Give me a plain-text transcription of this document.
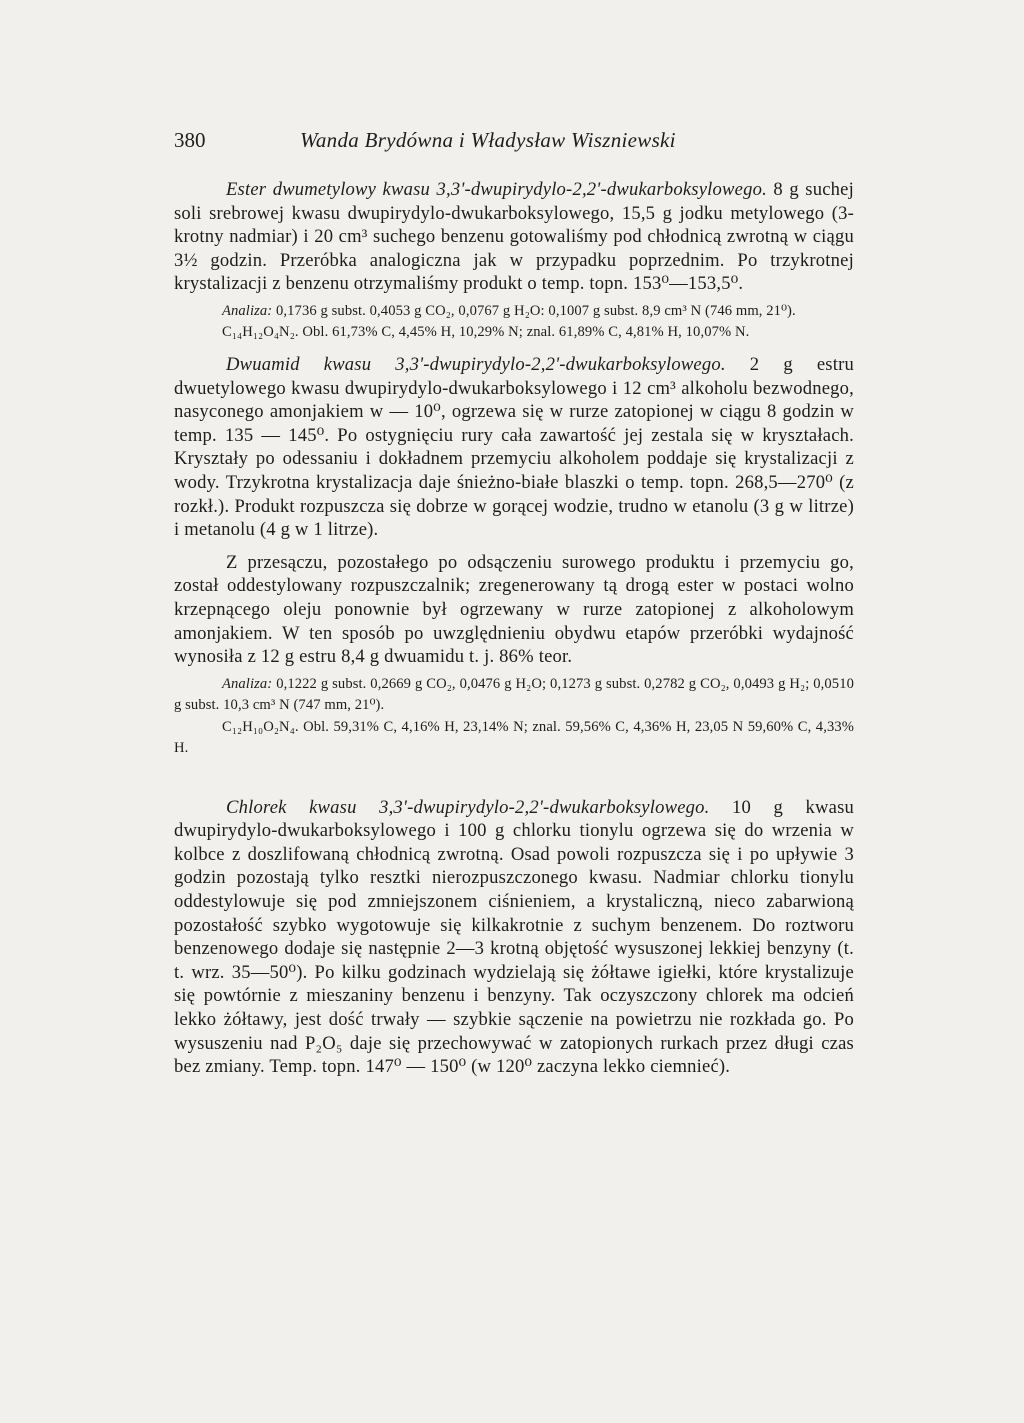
380	Wanda Brydówna i Władysław Wiszniewski

Ester dwumetylowy kwasu 3,3'-dwupirydylo-2,2'-dwukarboksylowego. 8 g suchej soli srebrowej kwasu dwupirydylo-dwukarboksylowego, 15,5 g jodku metylowego (3-krotny nadmiar) i 20 cm³ suchego benzenu gotowaliśmy pod chłodnicą zwrotną w ciągu 3½ godzin. Przeróbka analogiczna jak w przypadku poprzednim. Po trzykrotnej krystalizacji z benzenu otrzymaliśmy produkt o temp. topn. 153⁰—153,5⁰.

Analiza: 0,1736 g subst. 0,4053 g CO₂, 0,0767 g H₂O: 0,1007 g subst. 8,9 cm³ N (746 mm, 21⁰).

C₁₄H₁₂O₄N₂. Obl. 61,73% C, 4,45% H, 10,29% N; znal. 61,89% C, 4,81% H, 10,07% N.

Dwuamid kwasu 3,3'-dwupirydylo-2,2'-dwukarboksylowego. 2 g estru dwuetylowego kwasu dwupirydylo-dwukarboksylowego i 12 cm³ alkoholu bezwodnego, nasyconego amonjakiem w — 10⁰, ogrzewa się w rurze zatopionej w ciągu 8 godzin w temp. 135 — 145⁰. Po ostygnięciu rury cała zawartość jej zestala się w kryształach. Kryształy po odessaniu i dokładnem przemyciu alkoholem poddaje się krystalizacji z wody. Trzykrotna krystalizacja daje śnieżno-białe blaszki o temp. topn. 268,5—270⁰ (z rozkł.). Produkt rozpuszcza się dobrze w gorącej wodzie, trudno w etanolu (3 g w litrze) i metanolu (4 g w 1 litrze).

Z przesączu, pozostałego po odsączeniu surowego produktu i przemyciu go, został oddestylowany rozpuszczalnik; zregenerowany tą drogą ester w postaci wolno krzepnącego oleju ponownie był ogrzewany w rurze zatopionej z alkoholowym amonjakiem. W ten sposób po uwzględnieniu obydwu etapów przeróbki wydajność wynosiła z 12 g estru 8,4 g dwuamidu t. j. 86% teor.

Analiza: 0,1222 g subst. 0,2669 g CO₂, 0,0476 g H₂O; 0,1273 g subst. 0,2782 g CO₂, 0,0493 g H₂; 0,0510 g subst. 10,3 cm³ N (747 mm, 21⁰).

C₁₂H₁₀O₂N₄. Obl. 59,31% C, 4,16% H, 23,14% N; znal. 59,56% C, 4,36% H, 23,05 N 59,60% C, 4,33% H.

Chlorek kwasu 3,3'-dwupirydylo-2,2'-dwukarboksylowego. 10 g kwasu dwupirydylo-dwukarboksylowego i 100 g chlorku tionylu ogrzewa się do wrzenia w kolbce z doszlifowaną chłodnicą zwrotną. Osad powoli rozpuszcza się i po upływie 3 godzin pozostają tylko resztki nierozpuszczonego kwasu. Nadmiar chlorku tionylu oddestylowuje się pod zmniejszonem ciśnieniem, a krystaliczną, nieco zabarwioną pozostałość szybko wygotowuje się kilkakrotnie z suchym benzenem. Do roztworu benzenowego dodaje się następnie 2—3 krotną objętość wysuszonej lekkiej benzyny (t. t. wrz. 35—50⁰). Po kilku godzinach wydzielają się żółtawe igiełki, które krystalizuje się powtórnie z mieszaniny benzenu i benzyny. Tak oczyszczony chlorek ma odcień lekko żółtawy, jest dość trwały — szybkie sączenie na powietrzu nie rozkłada go. Po wysuszeniu nad P₂O₅ daje się przechowywać w zatopionych rurkach przez długi czas bez zmiany. Temp. topn. 147⁰ — 150⁰ (w 120⁰ zaczyna lekko ciemnieć).
